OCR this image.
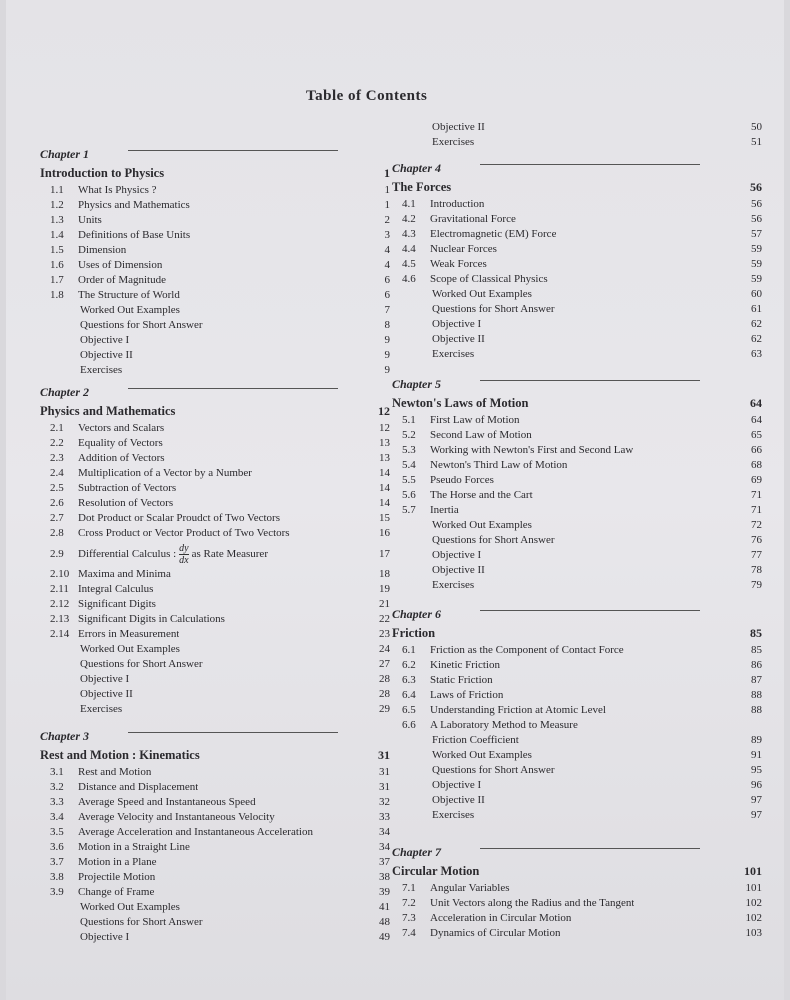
Table of Contents
Chapter 1
Introduction to Physics	1
1.1	What Is Physics ?	1
1.2	Physics and Mathematics	1
1.3	Units	2
1.4	Definitions of Base Units	3
1.5	Dimension	4
1.6	Uses of Dimension	4
1.7	Order of Magnitude	6
1.8	The Structure of World	6
Worked Out Examples	7
Questions for Short Answer	8
Objective I	9
Objective II	9
Exercises	9
Chapter 2
Physics and Mathematics	12
2.1	Vectors and Scalars	12
2.2	Equality of Vectors	13
2.3	Addition of Vectors	13
2.4	Multiplication of a Vector by a Number	14
2.5	Subtraction of Vectors	14
2.6	Resolution of Vectors	14
2.7	Dot Product or Scalar Proudct of Two Vectors	15
2.8	Cross Product or Vector Product of Two Vectors	16
2.9	Differential Calculus : $\frac{dy}{dx}$ as Rate Measurer	17
2.10 Maxima and Minima	18
2.11 Integral Calculus	19
2.12 Significant Digits	21
2.13 Significant Digits in Calculations	22
2.14 Errors in Measurement	23
Worked Out Examples	24
Questions for Short Answer	27
Objective I	28
Objective II	28
Exercises	29
Chapter 3
Rest and Motion : Kinematics	31
3.1	Rest and Motion	31
3.2	Distance and Displacement	31
3.3	Average Speed and Instantaneous Speed	32
3.4	Average Velocity and Instantaneous Velocity	33
3.5	Average Acceleration and Instantaneous Acceleration	34
3.6	Motion in a Straight Line	34
3.7	Motion in a Plane	37
3.8	Projectile Motion	38
3.9	Change of Frame	39
Worked Out Examples	41
Questions for Short Answer	48
Objective I	49
Objective II	50
Exercises	51
Chapter 4
The Forces	56
4.1	Introduction	56
4.2	Gravitational Force	56
4.3	Electromagnetic (EM) Force	57
4.4	Nuclear Forces	59
4.5	Weak Forces	59
4.6	Scope of Classical Physics	59
Worked Out Examples	60
Questions for Short Answer	61
Objective I	62
Objective II	62
Exercises	63
Chapter 5
Newton's Laws of Motion	64
5.1	First Law of Motion	64
5.2	Second Law of Motion	65
5.3	Working with Newton's First and Second Law	66
5.4	Newton's Third Law of Motion	68
5.5	Pseudo Forces	69
5.6	The Horse and the Cart	71
5.7	Inertia	71
Worked Out Examples	72
Questions for Short Answer	76
Objective I	77
Objective II	78
Exercises	79
Chapter 6
Friction	85
6.1	Friction as the Component of Contact Force	85
6.2	Kinetic Friction	86
6.3	Static Friction	87
6.4	Laws of Friction	88
6.5	Understanding Friction at Atomic Level	88
6.6	A Laboratory Method to Measure
Friction Coefficient	89
Worked Out Examples	91
Questions for Short Answer	95
Objective I	96
Objective II	97
Exercises	97
Chapter 7
Circular Motion	101
7.1	Angular Variables	101
7.2	Unit Vectors along the Radius and the Tangent	102
7.3	Acceleration in Circular Motion	102
7.4	Dynamics of Circular Motion	103
